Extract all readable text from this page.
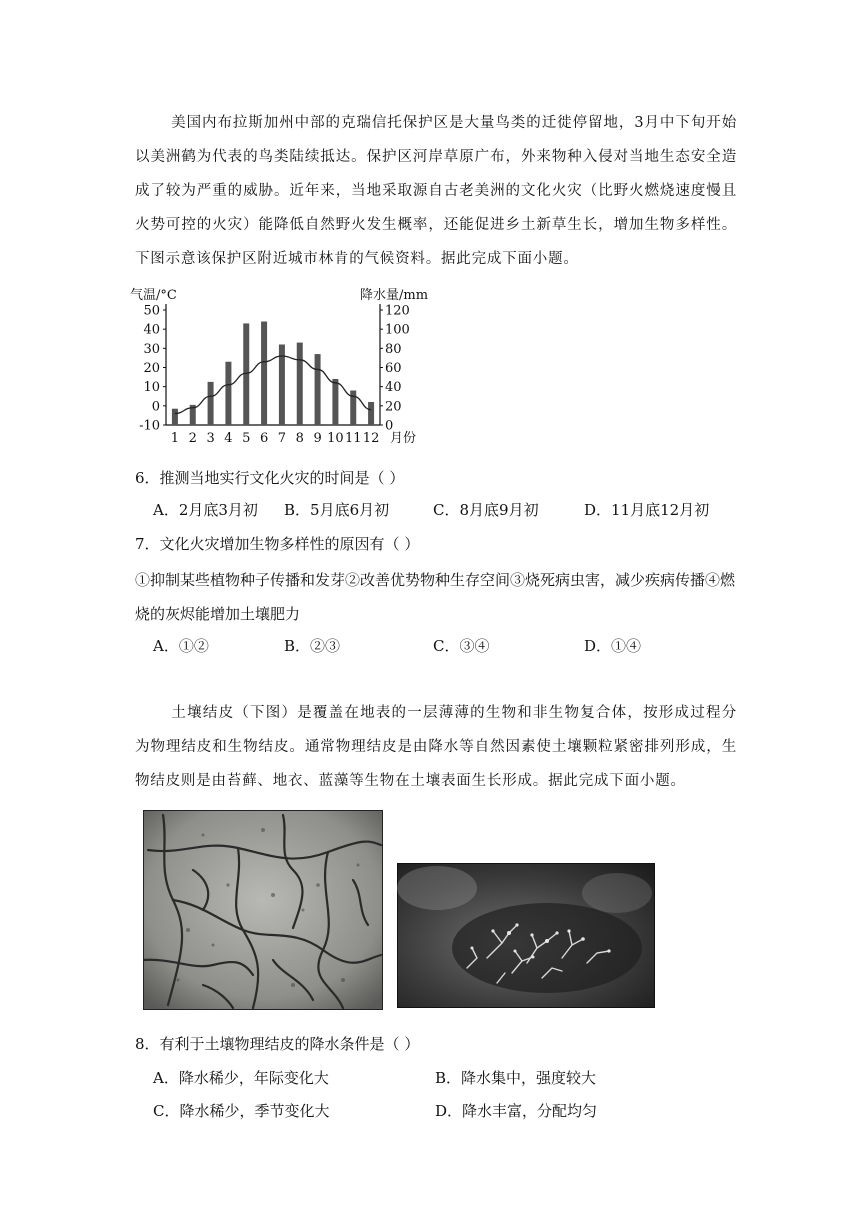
美国内布拉斯加州中部的克瑞信托保护区是大量鸟类的迁徙停留地，3月中下旬开始以美洲鹤为代表的鸟类陆续抵达。保护区河岸草原广布，外来物种入侵对当地生态安全造成了较为严重的威胁。近年来，当地采取源自古老美洲的文化火灾（比野火燃烧速度慢且火势可控的火灾）能降低自然野火发生概率，还能促进乡土新草生长，增加生物多样性。下图示意该保护区附近城市林肯的气候资料。据此完成下面小题。
气温/°C	降水量/mm
月份
50
40
30
20
10
0
-10
120
100
80
60
40
20
0
1 2 3 4 5 6 7 8 9 10 11 12
6．推测当地实行文化火灾的时间是（ ）
A．2月底3月初 B．5月底6月初	C．8月底9月初	D．11月底12月初
7．文化火灾增加生物多样性的原因有（ ）
①抑制某些植物种子传播和发芽②改善优势物种生存空间③烧死病虫害，减少疾病传播④燃烧的灰烬能增加土壤肥力
A．①②	B．②③	C．③④	D．①④
土壤结皮（下图）是覆盖在地表的一层薄薄的生物和非生物复合体，按形成过程分为物理结皮和生物结皮。通常物理结皮是由降水等自然因素使土壤颗粒紧密排列形成，生物结皮则是由苔藓、地衣、蓝藻等生物在土壤表面生长形成。据此完成下面小题。
8．有利于土壤物理结皮的降水条件是（ ）
A．降水稀少，年际变化大	B．降水集中，强度较大
C．降水稀少，季节变化大	D．降水丰富，分配均匀
